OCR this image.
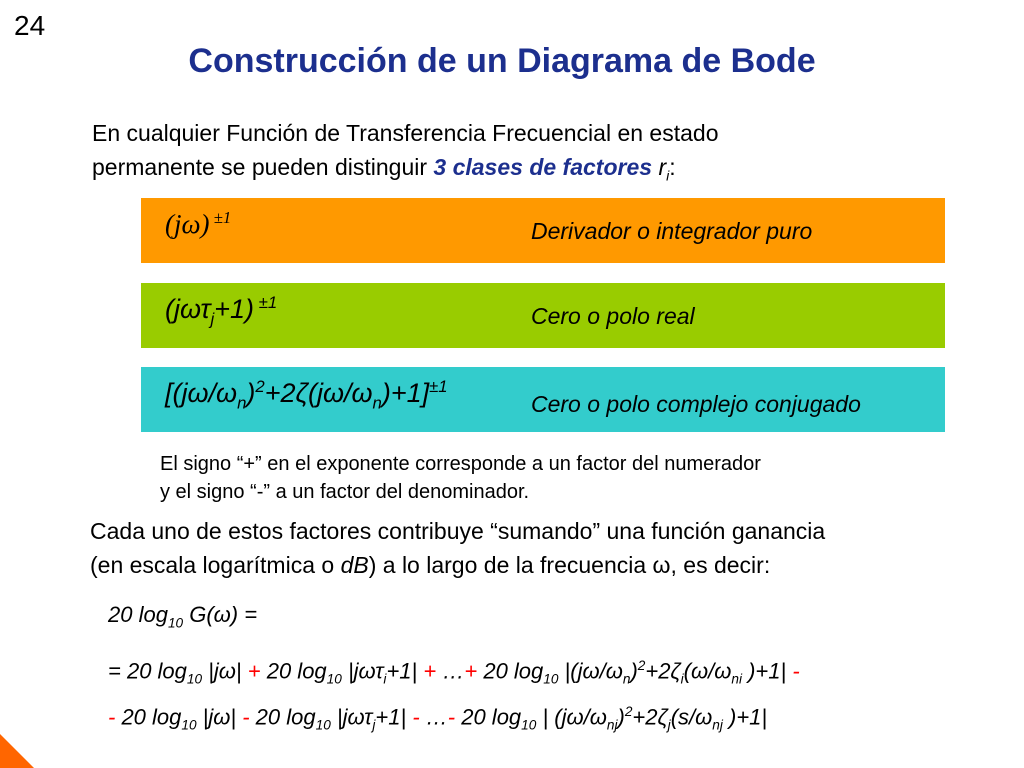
24
Construcción de un Diagrama de Bode
En cualquier Función de Transferencia Frecuencial en estado
permanente se pueden distinguir 3 clases de factores $r_i$:
(jω) $^{\pm 1}$
Derivador o integrador puro
(jωτ$_j$+1) $^{\pm 1}$
Cero o polo real
$[(j\omega/\omega_n)^2+2\zeta(j\omega/\omega_n)+1]^{\pm 1}$
Cero o polo complejo conjugado
El signo “+” en el exponente corresponde a un factor del numerador
y el signo “-” a un factor del denominador.
Cada uno de estos factores contribuye “sumando” una función ganancia
(en escala logarítmica o dB) a lo largo de la frecuencia ω, es decir:
20 $\log_{10} G(\omega)$ =
= 20 $\log_{10} |j\omega| + 20$ $\log_{10} |j\omega\tau_i+1|$ + …+ 20 $\log_{10} |(j\omega/\omega_n)^2+2\zeta_i(\omega/\omega_{ni}$ )+1| -
- 20 $\log_{10} |j\omega| - 20$ $\log_{10} |j\omega\tau_j+1|$ - …- 20 $\log_{10}$ | $(j\omega/\omega_{nj})^2+2\zeta_j(s/\omega_{nj}$ )+1|
